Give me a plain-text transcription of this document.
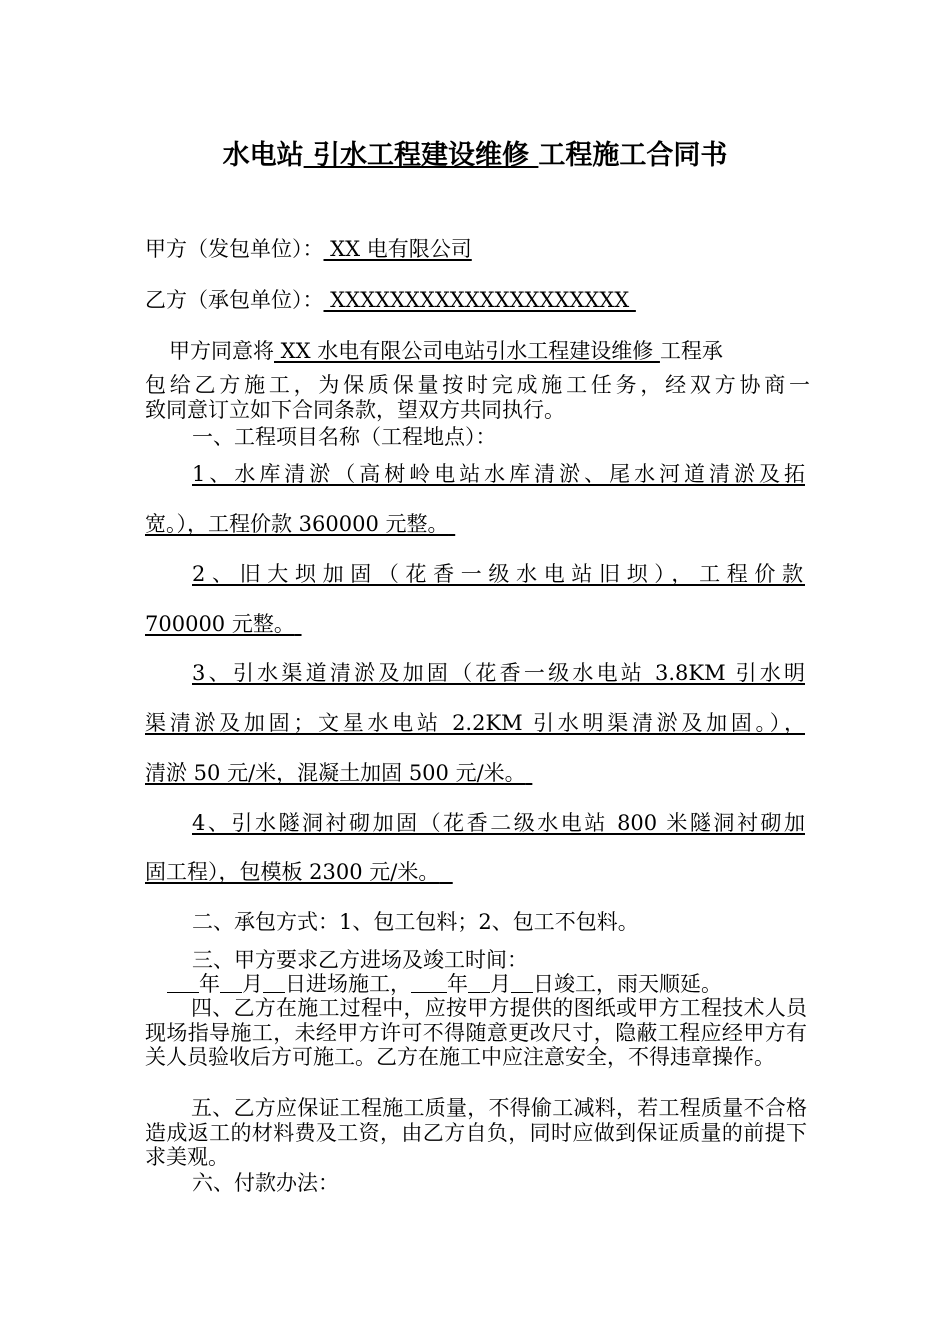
水电站 引水工程建设维修 工程施工合同书
甲方（发包单位）： XX 电有限公司
乙方（承包单位）： XXXXXXXXXXXXXXXXXXXX
甲方同意将 XX 水电有限公司电站引水工程建设维修 工程承
包给乙方施工，为保质保量按时完成施工任务，经双方协商一
致同意订立如下合同条款，望双方共同执行。
一、工程项目名称（工程地点）：
1、水库清淤（高树岭电站水库清淤、尾水河道清淤及拓
宽。），工程价款 360000 元整。
2、旧大坝加固（花香一级水电站旧坝），工程价款
700000 元整。
3、引水渠道清淤及加固（花香一级水电站 3.8KM 引水明
渠清淤及加固；文星水电站 2.2KM 引水明渠清淤及加固。），
清淤 50 元/米，混凝土加固 500 元/米。
4、引水隧洞衬砌加固（花香二级水电站 800 米隧洞衬砌加
固工程），包模板 2300 元/米。
二、承包方式：1、包工包料；2、包工不包料。
三、甲方要求乙方进场及竣工时间：
年 月 日进场施工， 年 月 日竣工，雨天顺延。
四、乙方在施工过程中，应按甲方提供的图纸或甲方工程技术人员现场指导施工，未经甲方许可不得随意更改尺寸，隐蔽工程应经甲方有关人员验收后方可施工。乙方在施工中应注意安全，不得违章操作。
五、乙方应保证工程施工质量，不得偷工减料，若工程质量不合格造成返工的材料费及工资，由乙方自负，同时应做到保证质量的前提下求美观。
六、付款办法：
